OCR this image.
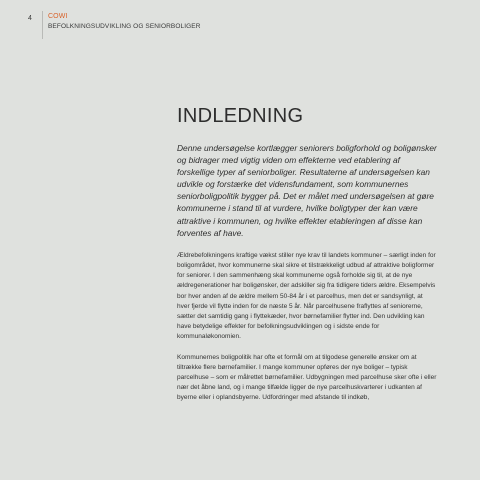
4 COWI
BEFOLKNINGSUDVIKLING OG SENIORBOLIGER
INDLEDNING

Denne undersøgelse kortlægger seniorers boligforhold og boligønsker og bidrager med vigtig viden om effekterne ved etablering af forskellige typer af seniorboliger. Resultaterne af undersøgelsen kan udvikle og forstærke det vidensfundament, som kommunernes seniorboligpolitik bygger på. Det er målet med undersøgelsen at gøre kommunerne i stand til at vurdere, hvilke boligtyper der kan være attraktive i kommunen, og hvilke effekter etableringen af disse kan forventes af have.

Ældrebefolkningens kraftige vækst stiller nye krav til landets kommuner – særligt inden for boligområdet, hvor kommunerne skal sikre et tilstrækkeligt udbud af attraktive boligformer for seniorer. I den sammenhæng skal kommunerne også forholde sig til, at de nye ældregenerationer har boligønsker, der adskiller sig fra tidligere tiders ældre. Eksempelvis bor hver anden af de ældre mellem 50-84 år i et parcelhus, men det er sandsynligt, at hver fjerde vil flytte inden for de næste 5 år. Når parcelhusene fraflyttes af seniorerne, sætter det samtidig gang i flyttekæder, hvor børnefamilier flytter ind. Den udvikling kan have betydelige effekter for befolkningsudviklingen og i sidste ende for kommunaløkonomien.

Kommunernes boligpolitik har ofte et formål om at tilgodese generelle ønsker om at tiltrække flere børnefamilier. I mange kommuner opføres der nye boliger – typisk parcelhuse – som er målrettet børnefamilier. Udbygningen med parcelhuse sker ofte i eller nær det åbne land, og i mange tilfælde ligger de nye parcelhuskvarterer i udkanten af byerne eller i oplandsbyerne. Udfordringer med afstande til indkøb,
